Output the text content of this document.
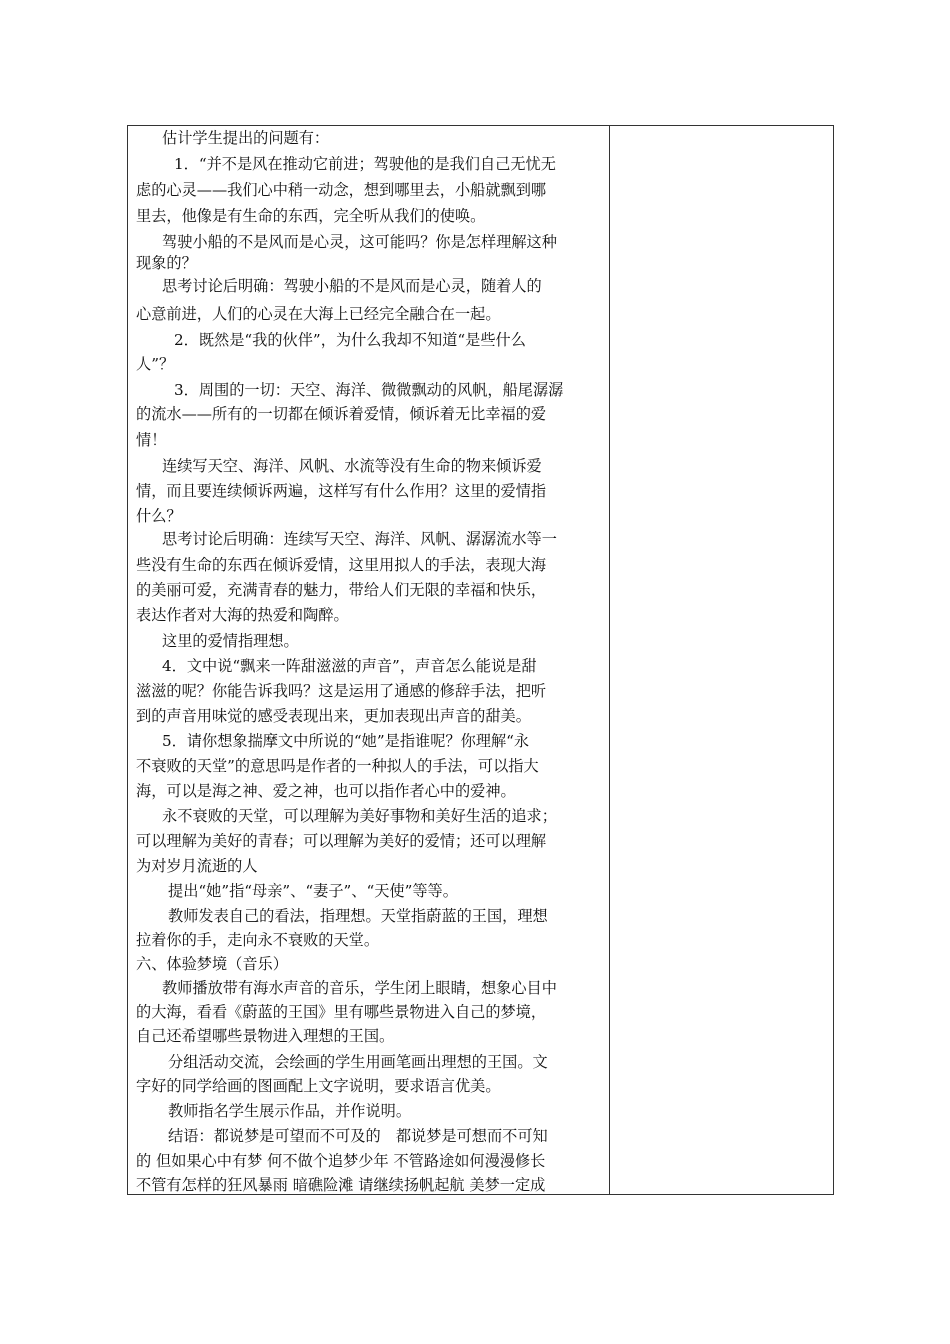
估计学生提出的问题有：
1．“并不是风在推动它前进；驾驶他的是我们自己无忧无
虑的心灵——我们心中稍一动念，想到哪里去，小船就飘到哪
里去，他像是有生命的东西，完全听从我们的使唤。
驾驶小船的不是风而是心灵，这可能吗？你是怎样理解这种
现象的？
思考讨论后明确：驾驶小船的不是风而是心灵，随着人的
心意前进，人们的心灵在大海上已经完全融合在一起。
2．既然是“我的伙伴”，为什么我却不知道“是些什么
人”？
3．周围的一切：天空、海洋、微微飘动的风帆，船尾潺潺
的流水——所有的一切都在倾诉着爱情，倾诉着无比幸福的爱
情！
连续写天空、海洋、风帆、水流等没有生命的物来倾诉爱
情，而且要连续倾诉两遍，这样写有什么作用？这里的爱情指
什么？
思考讨论后明确：连续写天空、海洋、风帆、潺潺流水等一
些没有生命的东西在倾诉爱情，这里用拟人的手法，表现大海
的美丽可爱，充满青春的魅力，带给人们无限的幸福和快乐，
表达作者对大海的热爱和陶醉。
这里的爱情指理想。
4．文中说“飘来一阵甜滋滋的声音”，声音怎么能说是甜
滋滋的呢？你能告诉我吗？这是运用了通感的修辞手法，把听
到的声音用味觉的感受表现出来，更加表现出声音的甜美。
5．请你想象揣摩文中所说的“她”是指谁呢？你理解“永
不衰败的天堂”的意思吗是作者的一种拟人的手法，可以指大
海，可以是海之神、爱之神，也可以指作者心中的爱神。
永不衰败的天堂，可以理解为美好事物和美好生活的追求；
可以理解为美好的青春；可以理解为美好的爱情；还可以理解
为对岁月流逝的人
提出“她”指“母亲”、“妻子”、“天使”等等。
教师发表自己的看法，指理想。天堂指蔚蓝的王国，理想
拉着你的手，走向永不衰败的天堂。
六、体验梦境（音乐）
教师播放带有海水声音的音乐，学生闭上眼睛，想象心目中
的大海，看看《蔚蓝的王国》里有哪些景物进入自己的梦境，
自己还希望哪些景物进入理想的王国。
分组活动交流，会绘画的学生用画笔画出理想的王国。文
字好的同学给画的图画配上文字说明，要求语言优美。
教师指名学生展示作品，并作说明。
结语：都说梦是可望而不可及的　都说梦是可想而不可知
的 但如果心中有梦 何不做个追梦少年 不管路途如何漫漫修长
不管有怎样的狂风暴雨 暗礁险滩 请继续扬帆起航 美梦一定成
